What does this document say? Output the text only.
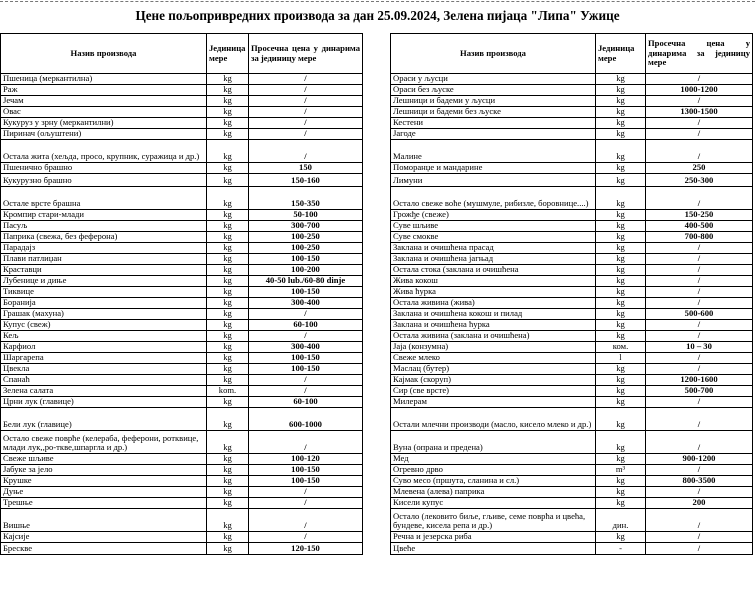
Цене пољопривредних производа за дан 25.09.2024, Зелена пијаца "Липа" Ужице
Назив производа	Јединица мере	Просечна цена у динарима за јединицу мере
Пшеница (меркантилна)	kg	/
Раж	kg	/
Јечам	kg	/
Овас	kg	/
Кукуруз у зрну (меркантилни)	kg	/
Пиринач (oљуштени)	kg	/
Остала жита (хељда, просо, крупник, суражица и др.)	kg	/
Пшенично брашно	kg	150
Кукурузно брашно	kg	150-160
Остале врсте брашна	kg	150-350
Кромпир стари-млади	kg	50-100
Пасуљ	kg	300-700
Паприка (свежа, без феферона)	kg	100-250
Парадајз	kg	100-250
Плави патлиџан	kg	100-150
Краставци	kg	100-200
Лубенице и диње	kg	40-50 lub./60-80 dinje
Тиквице	kg	100-150
Боранија	kg	300-400
Грашак (махуна)	kg	/
Купус (свеж)	kg	60-100
Кељ	kg	/
Карфиол	kg	300-400
Шаргарепа	kg	100-150
Цвекла	kg	100-150
Спанаћ	kg	/
Зелена салата	kom.	/
Црни лук (главице)	kg	60-100
Бели лук (главице)	kg	600-1000
Остало свеже поврће (келераба, феферони, ротквице, млади лук,,ро-ткве,шпаргла и др.)	kg	/
Свеже шљиве	kg	100-120
Јабуке за јело	kg	100-150
Крушке	kg	100-150
Дуње	kg	/
Трешње	kg	/
Вишње	kg	/
Кајсије	kg	/
Брескве	kg	120-150
Назив производа	Јединица мере	Просечна цена у динарима за јединицу мере
Ораси у љусци	kg	/
Ораси без љуске	kg	1000-1200
Лешници и бадеми у љусци	kg	/
Лешници и бадеми без љуске	kg	1300-1500
Кестени	kg	/
Јагоде	kg	/
Малине	kg	/
Поморанџе и мандарине	kg	250
Лимуни	kg	250-300
Остало свеже воће (мушмуле, рибизле, боровнице....)	kg	/
Грожђе (свеже)	kg	150-250
Суве шљиве	kg	400-500
Суве смокве	kg	700-800
Заклана и очишћена прасад	kg	/
Заклана и очишћена јагњад	kg	/
Остала стока (заклана и очишћена	kg	/
Жива кокош	kg	/
Жива ћурка	kg	/
Остала живина (жива)	kg	/
Заклана и очишћена кокош и пилад	kg	500-600
Заклана и очишћена ћурка	kg	/
Остала живина (заклана и очишћена)	kg	/
Јаја (конзумна)	ком.	10 – 30
Свеже млеко	l	/
Маслац (бутер)	kg	/
Кајмак (скоруп)	kg	1200-1600
Сир (све врсте)	kg	500-700
Милерам	kg	/
Остали млечни производи (масло, кисело млеко и др.)	kg	/
Вуна (опрана и предена)	kg	/
Мед	kg	900-1200
Огревно дрво	m³	/
Суво месо (пршута, сланина и сл.)	kg	800-3500
Млевена (алева) паприка	kg	/
Кисели купус	kg	200
Остало (лековито биље, гљиве, семе поврћа и цвећа, бундеве, кисела репа и др.)	дин.	/
Речна и језерска риба	kg	/
Цвеће	-	/
